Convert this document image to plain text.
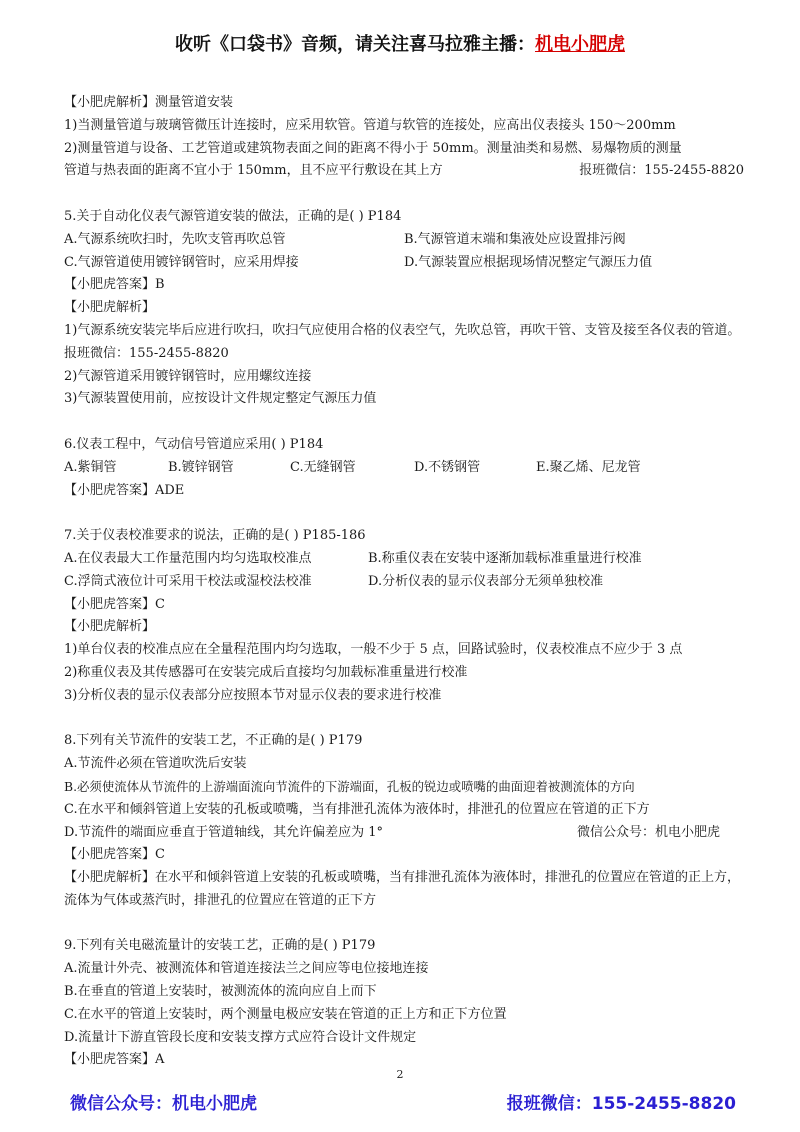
收听《口袋书》音频，请关注喜马拉雅主播：机电小肥虎
【小肥虎解析】测量管道安装
1)当测量管道与玻璃管微压计连接时，应采用软管。管道与软管的连接处，应高出仪表接头 150～200mm
2)测量管道与设备、工艺管道或建筑物表面之间的距离不得小于 50mm。测量油类和易燃、易爆物质的测量
管道与热表面的距离不宜小于 150mm，且不应平行敷设在其上方	报班微信：155-2455-8820
5.关于自动化仪表气源管道安装的做法，正确的是( ) P184
A.气源系统吹扫时，先吹支管再吹总管	B.气源管道末端和集液处应设置排污阀
C.气源管道使用镀锌钢管时，应采用焊接	D.气源装置应根据现场情况整定气源压力值
【小肥虎答案】B
【小肥虎解析】
1)气源系统安装完毕后应进行吹扫，吹扫气应使用合格的仪表空气，先吹总管，再吹干管、支管及接至各仪表的管道。报班微信：155-2455-8820
2)气源管道采用镀锌钢管时，应用螺纹连接
3)气源装置使用前，应按设计文件规定整定气源压力值
6.仪表工程中，气动信号管道应采用( ) P184
A.紫铜管	B.镀锌钢管	C.无缝钢管	D.不锈钢管	E.聚乙烯、尼龙管
【小肥虎答案】ADE
7.关于仪表校准要求的说法，正确的是( ) P185-186
A.在仪表最大工作量范围内均匀选取校准点	B.称重仪表在安装中逐渐加载标准重量进行校准
C.浮筒式液位计可采用干校法或湿校法校准	D.分析仪表的显示仪表部分无须单独校准
【小肥虎答案】C
【小肥虎解析】
1)单台仪表的校准点应在全量程范围内均匀选取，一般不少于 5 点，回路试验时，仪表校准点不应少于 3 点
2)称重仪表及其传感器可在安装完成后直接均匀加载标准重量进行校准
3)分析仪表的显示仪表部分应按照本节对显示仪表的要求进行校准
8.下列有关节流件的安装工艺，不正确的是( ) P179
A.节流件必须在管道吹洗后安装
B.必须使流体从节流件的上游端面流向节流件的下游端面，孔板的锐边或喷嘴的曲面迎着被测流体的方向
C.在水平和倾斜管道上安装的孔板或喷嘴，当有排泄孔流体为液体时，排泄孔的位置应在管道的正下方
D.节流件的端面应垂直于管道轴线，其允许偏差应为 1°	微信公众号：机电小肥虎
【小肥虎答案】C
【小肥虎解析】在水平和倾斜管道上安装的孔板或喷嘴，当有排泄孔流体为液体时，排泄孔的位置应在管道的正上方，流体为气体或蒸汽时，排泄孔的位置应在管道的正下方
9.下列有关电磁流量计的安装工艺，正确的是( ) P179
A.流量计外壳、被测流体和管道连接法兰之间应等电位接地连接
B.在垂直的管道上安装时，被测流体的流向应自上而下
C.在水平的管道上安装时，两个测量电极应安装在管道的正上方和正下方位置
D.流量计下游直管段长度和安装支撑方式应符合设计文件规定
【小肥虎答案】A
2
微信公众号：机电小肥虎	报班微信：155-2455-8820
